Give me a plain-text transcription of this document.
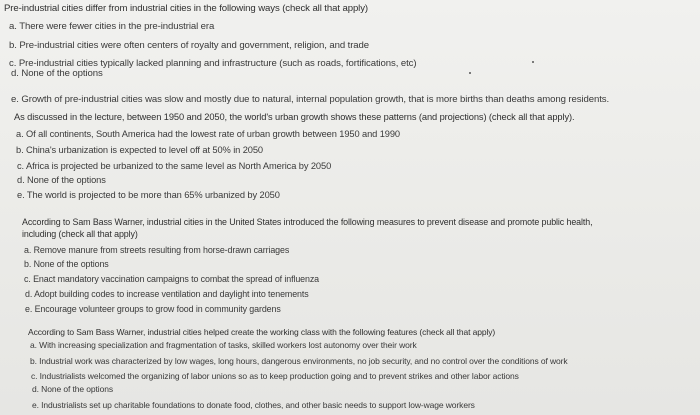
Pre-industrial cities differ from industrial cities in the following ways (check all that apply)
a. There were fewer cities in the pre-industrial era
b. Pre-industrial cities were often centers of royalty and government, religion, and trade
c. Pre-industrial cities typically lacked planning and infrastructure (such as roads, fortifications, etc)
d. None of the options
e. Growth of pre-industrial cities was slow and mostly due to natural, internal population growth, that is more births than deaths among residents.
As discussed in the lecture, between 1950 and 2050, the world's urban growth shows these patterns (and projections) (check all that apply).
a. Of all continents, South America had the lowest rate of urban growth between 1950 and 1990
b. China's urbanization is expected to level off at 50% in 2050
c. Africa is projected be urbanized to the same level as North America by 2050
d. None of the options
e. The world is projected to be more than 65% urbanized by 2050
According to Sam Bass Warner, industrial cities in the United States introduced the following measures to prevent disease and promote public health,
including (check all that apply)
a. Remove manure from streets resulting from horse-drawn carriages
b. None of the options
c. Enact mandatory vaccination campaigns to combat the spread of influenza
d. Adopt building codes to increase ventilation and daylight into tenements
e. Encourage volunteer groups to grow food in community gardens
According to Sam Bass Warner, industrial cities helped create the working class with the following features (check all that apply)
a. With increasing specialization and fragmentation of tasks, skilled workers lost autonomy over their work
b. Industrial work was characterized by low wages, long hours, dangerous environments, no job security, and no control over the conditions of work
c. Industrialists welcomed the organizing of labor unions so as to keep production going and to prevent strikes and other labor actions
d. None of the options
e. Industrialists set up charitable foundations to donate food, clothes, and other basic needs to support low-wage workers
